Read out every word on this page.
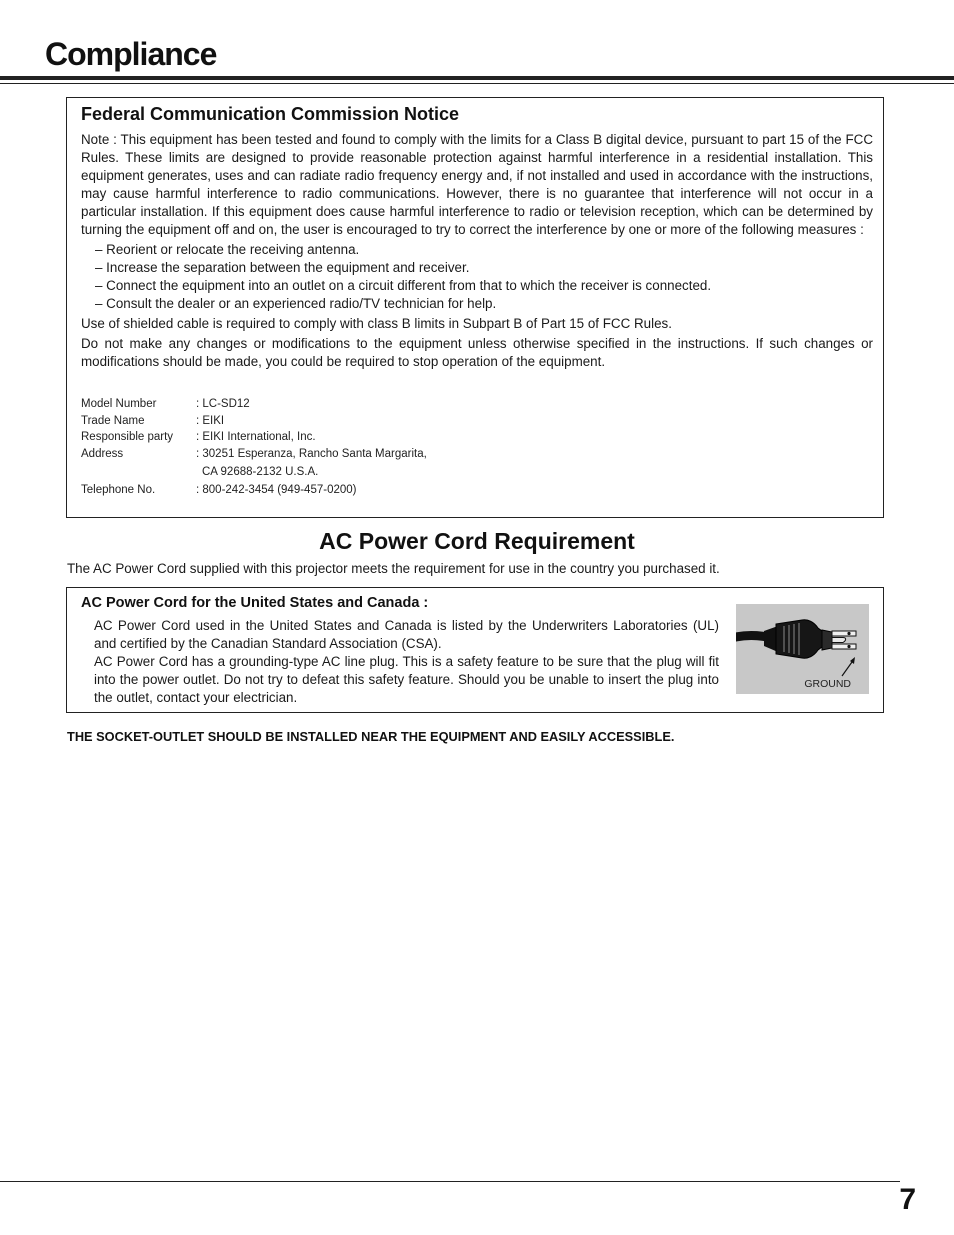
Compliance
Federal Communication Commission Notice

Note : This equipment has been tested and found to comply with the limits for a Class B digital device, pursuant to part 15 of the FCC Rules. These limits are designed to provide reasonable protection against harmful interference in a residential installation. This equipment generates, uses and can radiate radio frequency energy and, if not installed and used in accordance with the instructions, may cause harmful interference to radio communications. However, there is no guarantee that interference will not occur in a particular installation. If this equipment does cause harmful interference to radio or television reception, which can be determined by turning the equipment off and on, the user is encouraged to try to correct the interference by one or more of the following measures :

– Reorient or relocate the receiving antenna.
– Increase the separation between the equipment and receiver.
– Connect the equipment into an outlet on a circuit different from that to which the receiver is connected.
– Consult the dealer or an experienced radio/TV technician for help.

Use of shielded cable is required to comply with class B limits in Subpart B of Part 15 of FCC Rules.

Do not make any changes or modifications to the equipment unless otherwise specified in the instructions. If such changes or modifications should be made, you could be required to stop operation of the equipment.

Model Number	: LC-SD12
Trade Name	: EIKI
Responsible party	: EIKI International, Inc.
Address	: 30251 Esperanza, Rancho Santa Margarita,
CA 92688-2132 U.S.A.
Telephone No.	: 800-242-3454 (949-457-0200)
AC Power Cord Requirement

The AC Power Cord supplied with this projector meets the requirement for use in the country you purchased it.

AC Power Cord for the United States and Canada :

AC Power Cord used in the United States and Canada is listed by the Underwriters Laboratories (UL) and certified by the Canadian Standard Association (CSA).

AC Power Cord has a grounding-type AC line plug. This is a safety feature to be sure that the plug will fit into the power outlet. Do not try to defeat this safety feature. Should you be unable to insert the plug into the outlet, contact your electrician.

GROUND

THE SOCKET-OUTLET SHOULD BE INSTALLED NEAR THE EQUIPMENT AND EASILY ACCESSIBLE.

7
